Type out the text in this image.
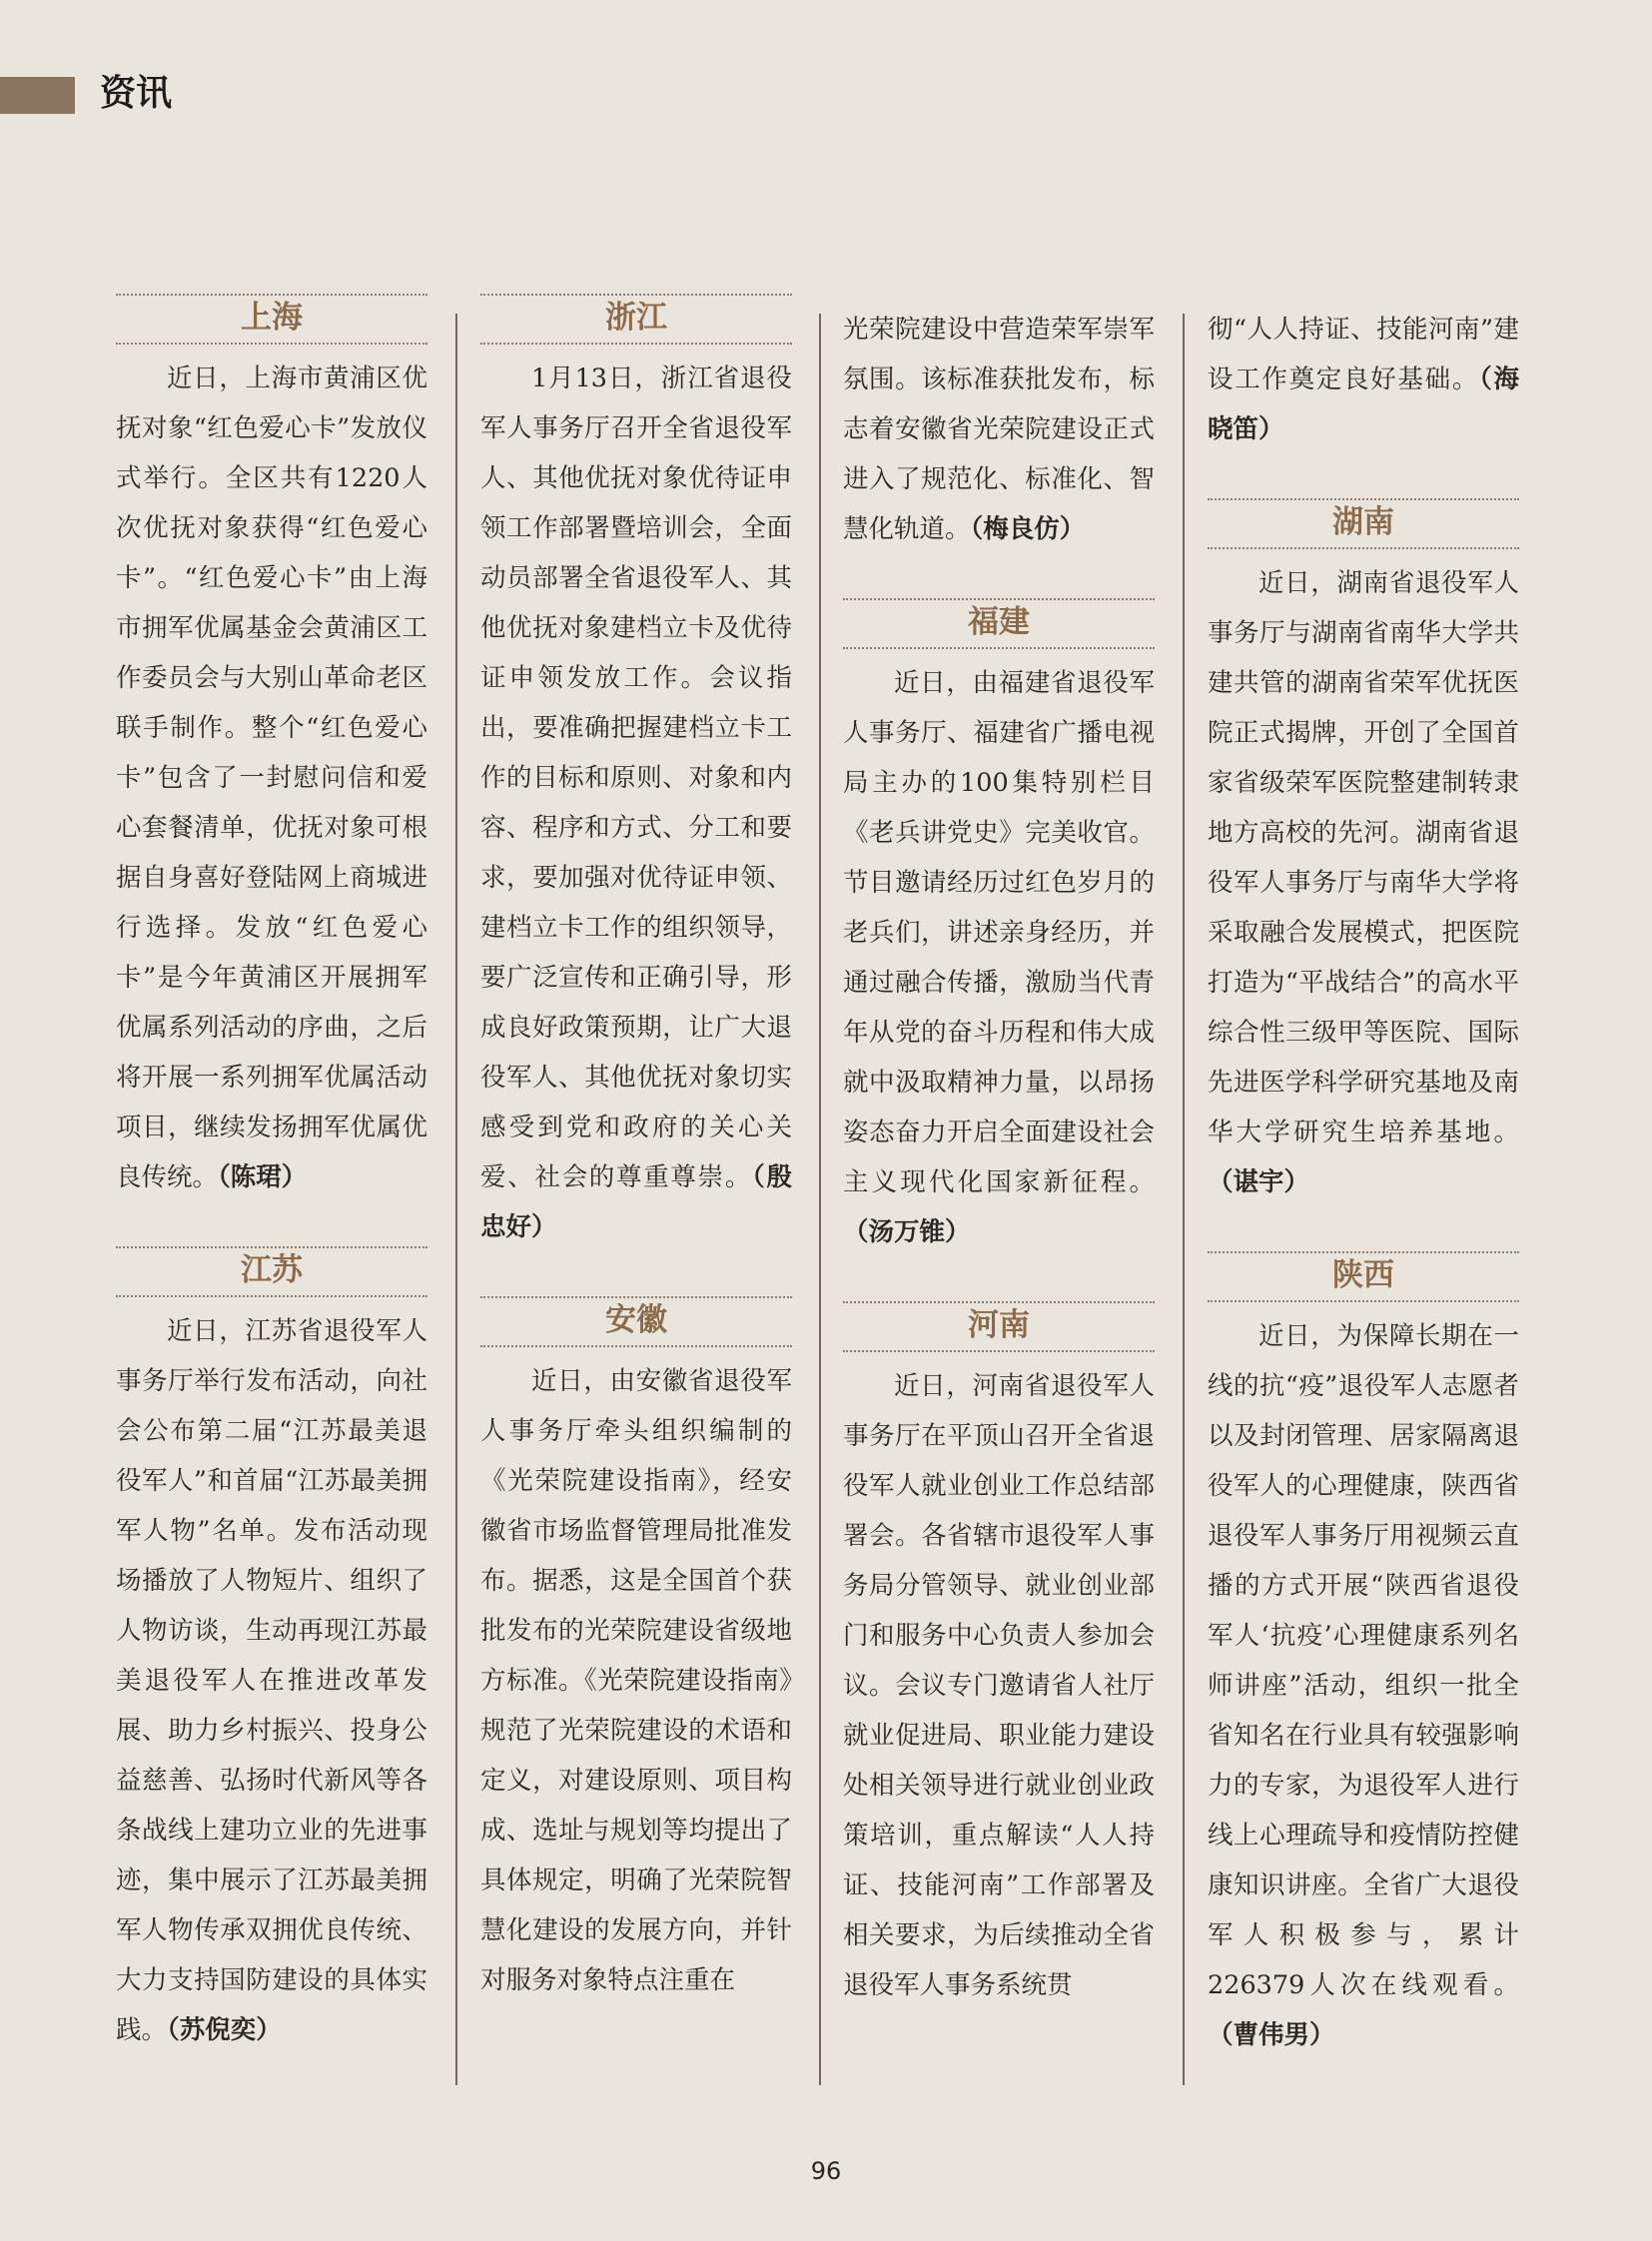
资讯
上海

近日，上海市黄浦区优抚对象“红色爱心卡”发放仪式举行。全区共有1220人次优抚对象获得“红色爱心卡”。“红色爱心卡”由上海市拥军优属基金会黄浦区工作委员会与大别山革命老区联手制作。整个“红色爱心卡”包含了一封慰问信和爱心套餐清单，优抚对象可根据自身喜好登陆网上商城进行选择。发放“红色爱心卡”是今年黄浦区开展拥军优属系列活动的序曲，之后将开展一系列拥军优属活动项目，继续发扬拥军优属优良传统。（陈珺）

江苏

近日，江苏省退役军人事务厅举行发布活动，向社会公布第二届“江苏最美退役军人”和首届“江苏最美拥军人物”名单。发布活动现场播放了人物短片、组织了人物访谈，生动再现江苏最美退役军人在推进改革发展、助力乡村振兴、投身公益慈善、弘扬时代新风等各条战线上建功立业的先进事迹，集中展示了江苏最美拥军人物传承双拥优良传统、大力支持国防建设的具体实践。（苏倪奕）

浙江

1月13日，浙江省退役军人事务厅召开全省退役军人、其他优抚对象优待证申领工作部署暨培训会，全面动员部署全省退役军人、其他优抚对象建档立卡及优待证申领发放工作。会议指出，要准确把握建档立卡工作的目标和原则、对象和内容、程序和方式、分工和要求，要加强对优待证申领、建档立卡工作的组织领导，要广泛宣传和正确引导，形成良好政策预期，让广大退役军人、其他优抚对象切实感受到党和政府的关心关爱、社会的尊重尊崇。（殷忠好）

安徽

近日，由安徽省退役军人事务厅牵头组织编制的《光荣院建设指南》，经安徽省市场监督管理局批准发布。据悉，这是全国首个获批发布的光荣院建设省级地方标准。《光荣院建设指南》规范了光荣院建设的术语和定义，对建设原则、项目构成、选址与规划等均提出了具体规定，明确了光荣院智慧化建设的发展方向，并针对服务对象特点注重在

光荣院建设中营造荣军崇军氛围。该标准获批发布，标志着安徽省光荣院建设正式进入了规范化、标准化、智慧化轨道。（梅良仿）

福建

近日，由福建省退役军人事务厅、福建省广播电视局主办的100集特别栏目《老兵讲党史》完美收官。节目邀请经历过红色岁月的老兵们，讲述亲身经历，并通过融合传播，激励当代青年从党的奋斗历程和伟大成就中汲取精神力量，以昂扬姿态奋力开启全面建设社会主义现代化国家新征程。（汤万锥）

河南

近日，河南省退役军人事务厅在平顶山召开全省退役军人就业创业工作总结部署会。各省辖市退役军人事务局分管领导、就业创业部门和服务中心负责人参加会议。会议专门邀请省人社厅就业促进局、职业能力建设处相关领导进行就业创业政策培训，重点解读“人人持证、技能河南”工作部署及相关要求，为后续推动全省退役军人事务系统贯

彻“人人持证、技能河南”建设工作奠定良好基础。（海晓笛）

湖南

近日，湖南省退役军人事务厅与湖南省南华大学共建共管的湖南省荣军优抚医院正式揭牌，开创了全国首家省级荣军医院整建制转隶地方高校的先河。湖南省退役军人事务厅与南华大学将采取融合发展模式，把医院打造为“平战结合”的高水平综合性三级甲等医院、国际先进医学科学研究基地及南华大学研究生培养基地。（谌宇）

陕西

近日，为保障长期在一线的抗“疫”退役军人志愿者以及封闭管理、居家隔离退役军人的心理健康，陕西省退役军人事务厅用视频云直播的方式开展“陕西省退役军人‘抗疫’心理健康系列名师讲座”活动，组织一批全省知名在行业具有较强影响力的专家，为退役军人进行线上心理疏导和疫情防控健康知识讲座。全省广大退役军人积极参与，累计226379人次在线观看。（曹伟男）

96
